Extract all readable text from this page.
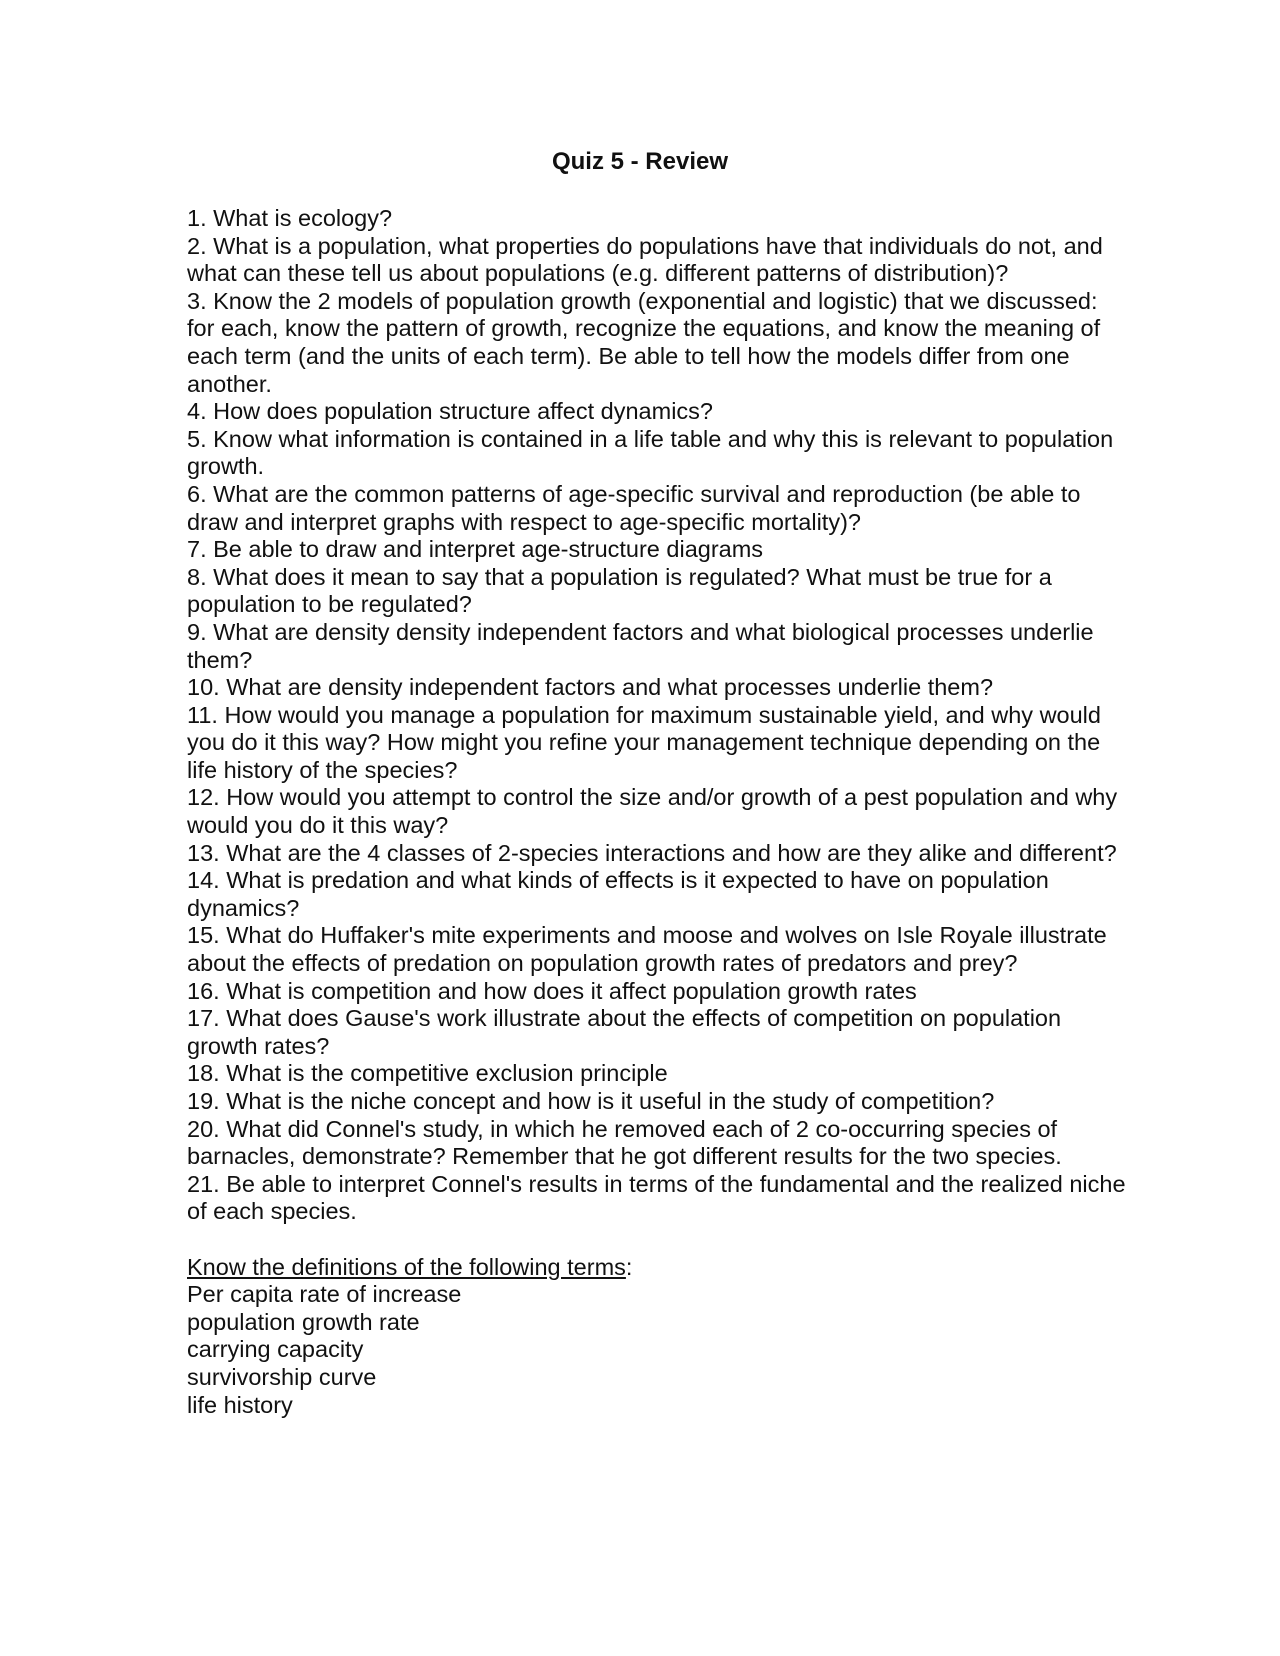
Quiz 5 - Review

1. What is ecology?

2. What is a population, what properties do populations have that individuals do not, and what can these tell us about populations (e.g. different patterns of distribution)?

3. Know the 2 models of population growth (exponential and logistic) that we discussed: for each, know the pattern of growth, recognize the equations, and know the meaning of each term (and the units of each term). Be able to tell how the models differ from one another.

4. How does population structure affect dynamics?

5. Know what information is contained in a life table and why this is relevant to population growth.

6. What are the common patterns of age-specific survival and reproduction (be able to draw and interpret graphs with respect to age-specific mortality)?

7. Be able to draw and interpret age-structure diagrams

8. What does it mean to say that a population is regulated? What must be true for a population to be regulated?

9. What are density density independent factors and what biological processes underlie them?

10. What are density independent factors and what processes underlie them?

11. How would you manage a population for maximum sustainable yield, and why would you do it this way? How might you refine your management technique depending on the life history of the species?

12. How would you attempt to control the size and/or growth of a pest population and why would you do it this way?

13. What are the 4 classes of 2-species interactions and how are they alike and different?

14. What is predation and what kinds of effects is it expected to have on population dynamics?

15. What do Huffaker's mite experiments and moose and wolves on Isle Royale illustrate about the effects of predation on population growth rates of predators and prey?

16. What is competition and how does it affect population growth rates

17. What does Gause's work illustrate about the effects of competition on population growth rates?

18. What is the competitive exclusion principle

19. What is the niche concept and how is it useful in the study of competition?

20. What did Connel's study, in which he removed each of 2 co-occurring species of barnacles, demonstrate? Remember that he got different results for the two species.

21. Be able to interpret Connel's results in terms of the fundamental and the realized niche of each species.

Know the definitions of the following terms:

Per capita rate of increase

population growth rate

carrying capacity

survivorship curve

life history
